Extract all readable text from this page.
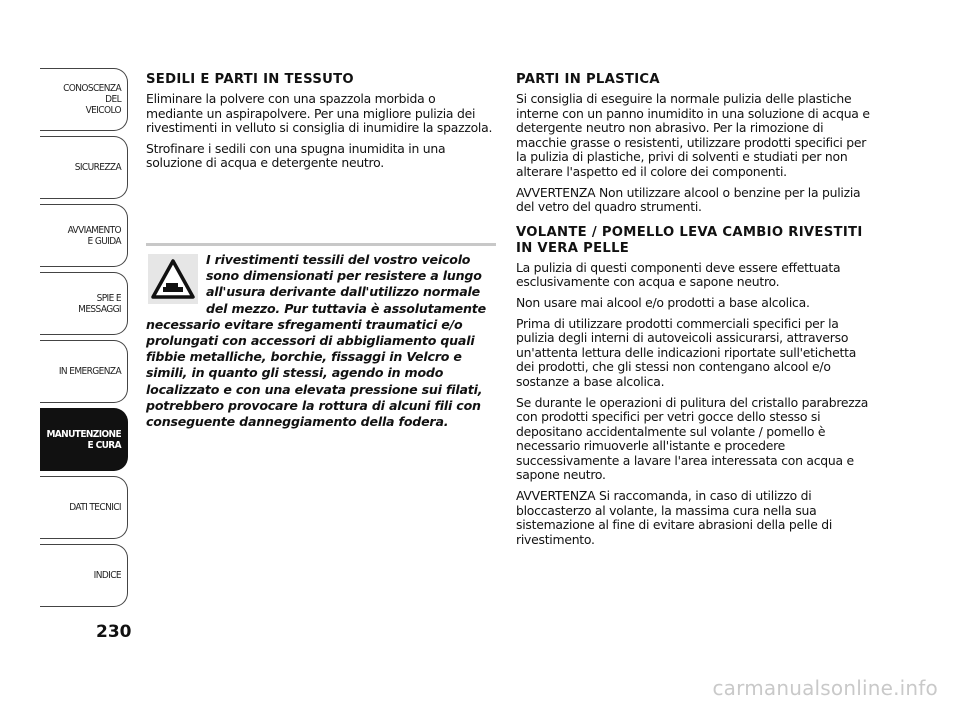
CONOSCENZA
DEL
VEICOLO
SICUREZZA
AVVIAMENTO
E GUIDA
SPIE E
MESSAGGI
IN EMERGENZA
MANUTENZIONE
E CURA
DATI TECNICI
INDICE
230
SEDILI E PARTI IN TESSUTO

Eliminare la polvere con una spazzola morbida o mediante un aspirapolvere. Per una migliore pulizia dei rivestimenti in velluto si consiglia di inumidire la spazzola.

Strofinare i sedili con una spugna inumidita in una soluzione di acqua e detergente neutro.

I rivestimenti tessili del vostro veicolo sono dimensionati per resistere a lungo all'usura derivante dall'utilizzo normale del mezzo. Pur tuttavia è assolutamente necessario evitare sfregamenti traumatici e/o prolungati con accessori di abbigliamento quali fibbie metalliche, borchie, fissaggi in Velcro e simili, in quanto gli stessi, agendo in modo localizzato e con una elevata pressione sui filati, potrebbero provocare la rottura di alcuni fili con conseguente danneggiamento della fodera.
PARTI IN PLASTICA

Si consiglia di eseguire la normale pulizia delle plastiche interne con un panno inumidito in una soluzione di acqua e detergente neutro non abrasivo. Per la rimozione di macchie grasse o resistenti, utilizzare prodotti specifici per la pulizia di plastiche, privi di solventi e studiati per non alterare l'aspetto ed il colore dei componenti.

AVVERTENZA Non utilizzare alcool o benzine per la pulizia del vetro del quadro strumenti.

VOLANTE / POMELLO LEVA CAMBIO RIVESTITI IN VERA PELLE

La pulizia di questi componenti deve essere effettuata esclusivamente con acqua e sapone neutro.

Non usare mai alcool e/o prodotti a base alcolica.

Prima di utilizzare prodotti commerciali specifici per la pulizia degli interni di autoveicoli assicurarsi, attraverso un'attenta lettura delle indicazioni riportate sull'etichetta dei prodotti, che gli stessi non contengano alcool e/o sostanze a base alcolica.

Se durante le operazioni di pulitura del cristallo parabrezza con prodotti specifici per vetri gocce dello stesso si depositano accidentalmente sul volante / pomello è necessario rimuoverle all'istante e procedere successivamente a lavare l'area interessata con acqua e sapone neutro.

AVVERTENZA Si raccomanda, in caso di utilizzo di bloccasterzo al volante, la massima cura nella sua sistemazione al fine di evitare abrasioni della pelle di rivestimento.

carmanualsonline.info
